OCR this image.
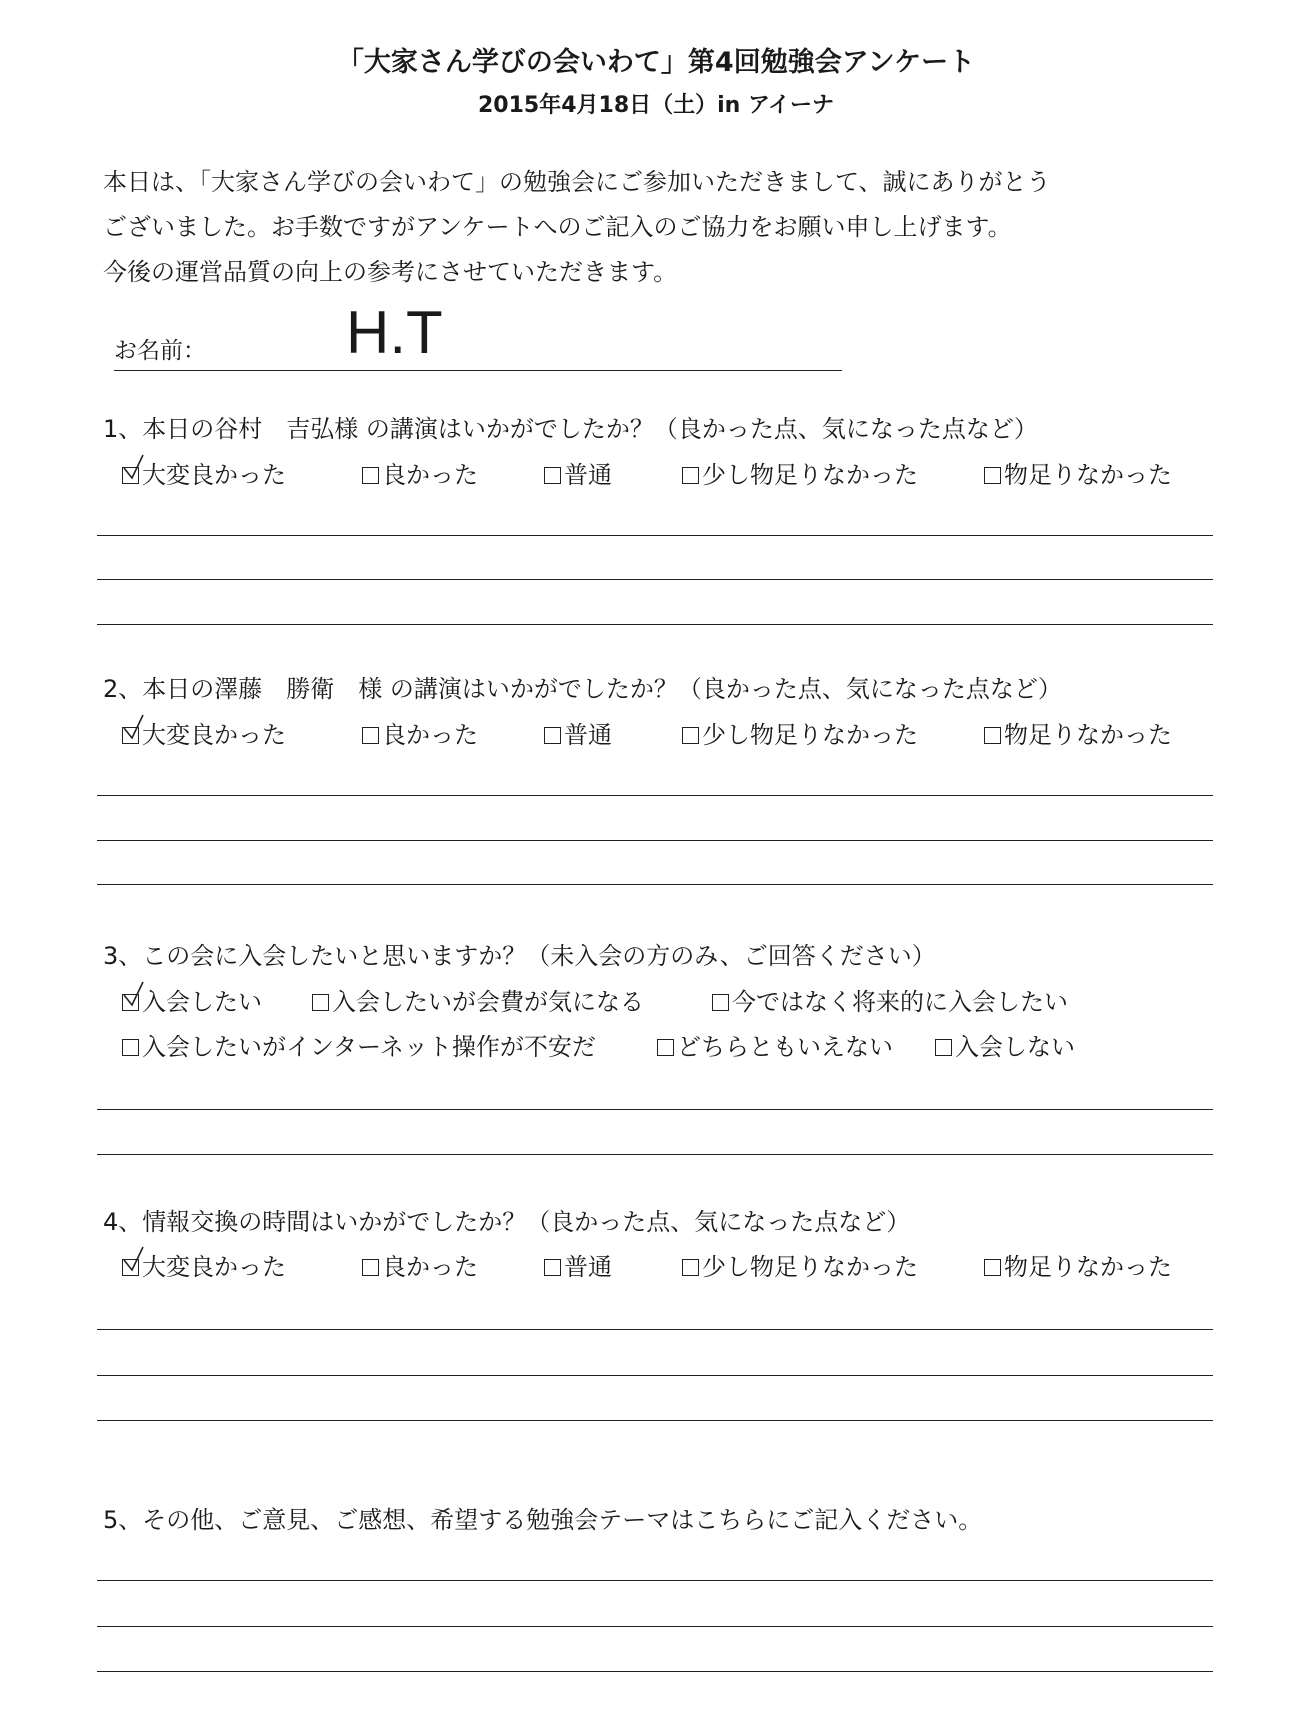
「大家さん学びの会いわて」第4回勉強会アンケート
2015年4月18日（土）in アイーナ
本日は、「大家さん学びの会いわて」の勉強会にご参加いただきまして、誠にありがとう
ございました。お手数ですがアンケートへのご記入のご協力をお願い申し上げます。
今後の運営品質の向上の参考にさせていただきます。
お名前： H.T
1、本日の谷村　吉弘様 の講演はいかがでしたか？（良かった点、気になった点など）
大変良かった	良かった	普通	少し物足りなかった	物足りなかった
2、本日の澤藤　勝衛　様 の講演はいかがでしたか？（良かった点、気になった点など）
大変良かった	良かった	普通	少し物足りなかった	物足りなかった
3、この会に入会したいと思いますか？（未入会の方のみ、ご回答ください）
入会したい	入会したいが会費が気になる	今ではなく将来的に入会したい
入会したいがインターネット操作が不安だ	どちらともいえない	入会しない
4、情報交換の時間はいかがでしたか？（良かった点、気になった点など）
大変良かった	良かった	普通	少し物足りなかった	物足りなかった
5、その他、ご意見、ご感想、希望する勉強会テーマはこちらにご記入ください。
